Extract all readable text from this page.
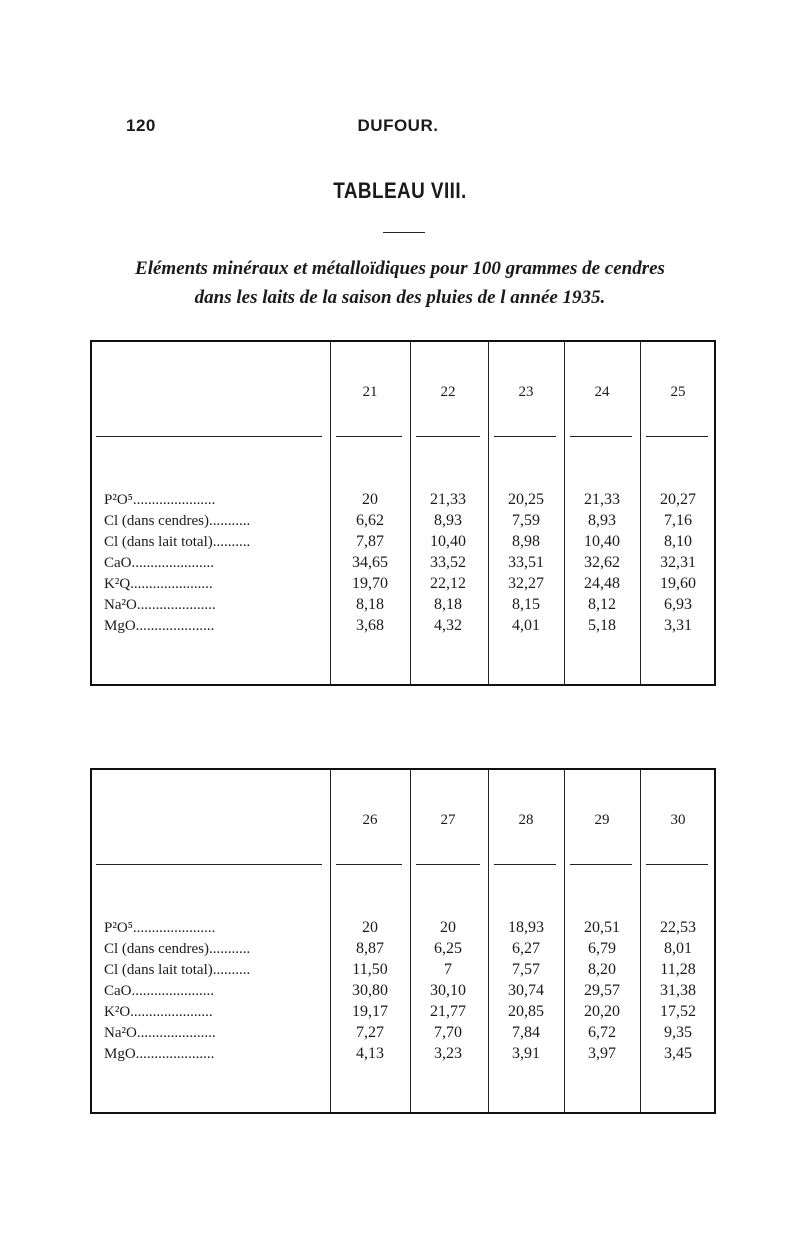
120	DUFOUR.
TABLEAU VIII.
Eléments minéraux et métalloïdiques pour 100 grammes de cendres
dans les laits de la saison des pluies de l année 1935.
21	22	23	24	25
P²O⁵......................	20	21,33	20,25	21,33	20,27
Cl (dans cendres)...........	6,62	8,93	7,59	8,93	7,16
Cl (dans lait total)..........	7,87	10,40	8,98	10,40	8,10
CaO......................	34,65	33,52	33,51	32,62	32,31
K²Q......................	19,70	22,12	32,27	24,48	19,60
Na²O.....................	8,18	8,18	8,15	8,12	6,93
MgO.....................	3,68	4,32	4,01	5,18	3,31
26	27	28	29	30
P²O⁵......................	20	20	18,93	20,51	22,53
Cl (dans cendres)...........	8,87	6,25	6,27	6,79	8,01
Cl (dans lait total)..........	11,50	7	7,57	8,20	11,28
CaO......................	30,80	30,10	30,74	29,57	31,38
K²O......................	19,17	21,77	20,85	20,20	17,52
Na²O.....................	7,27	7,70	7,84	6,72	9,35
MgO.....................	4,13	3,23	3,91	3,97	3,45
